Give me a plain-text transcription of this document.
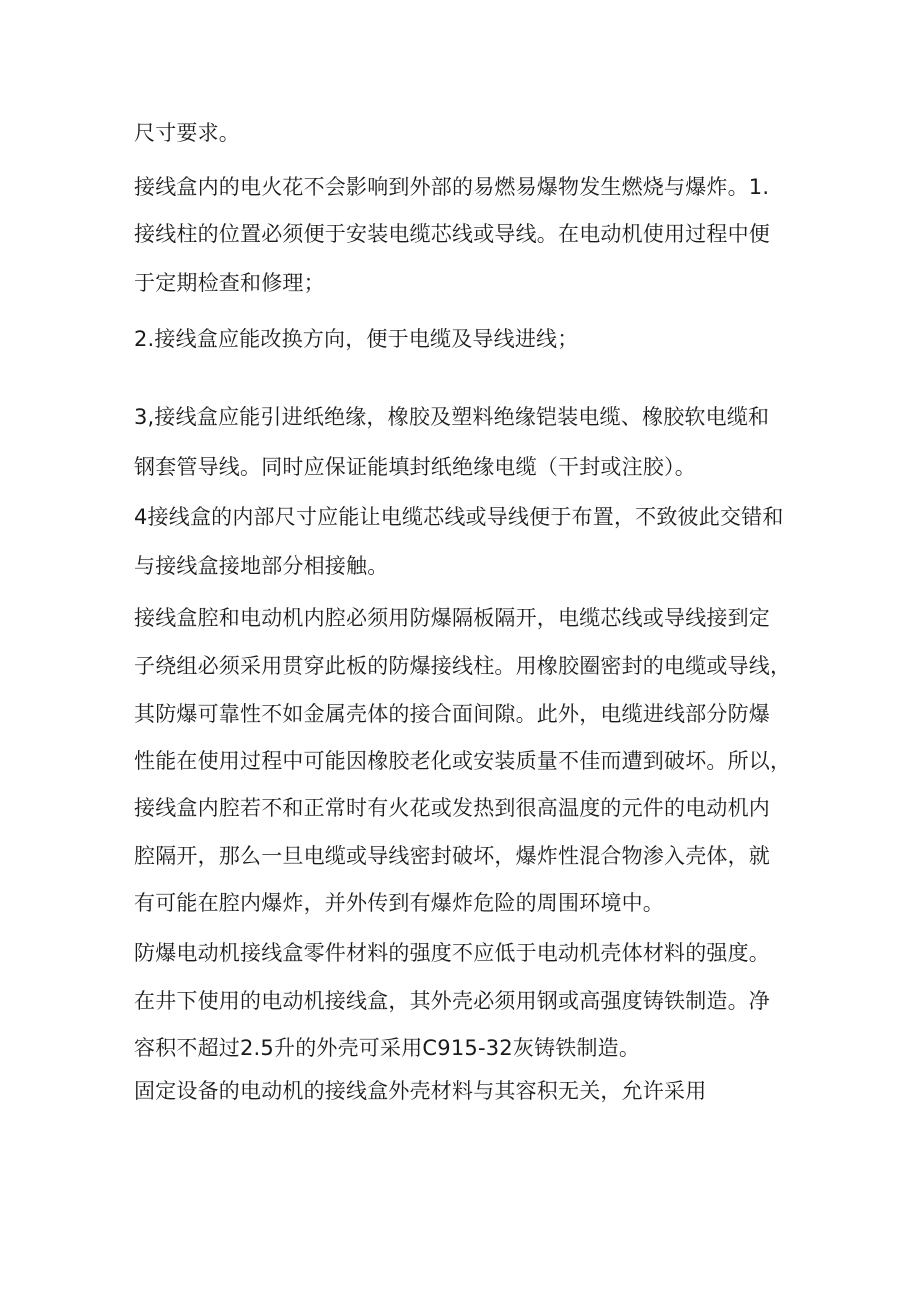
尺寸要求。
接线盒内的电火花不会影响到外部的易燃易爆物发生燃烧与爆炸。1.
接线柱的位置必须便于安装电缆芯线或导线。在电动机使用过程中便
于定期检查和修理；
2.接线盒应能改换方向，便于电缆及导线进线；
3,接线盒应能引进纸绝缘，橡胶及塑料绝缘铠装电缆、橡胶软电缆和
钢套管导线。同时应保证能填封纸绝缘电缆（干封或注胶）。
4接线盒的内部尺寸应能让电缆芯线或导线便于布置，不致彼此交错和
与接线盒接地部分相接触。
接线盒腔和电动机内腔必须用防爆隔板隔开，电缆芯线或导线接到定
子绕组必须采用贯穿此板的防爆接线柱。用橡胶圈密封的电缆或导线，
其防爆可靠性不如金属壳体的接合面间隙。此外，电缆进线部分防爆
性能在使用过程中可能因橡胶老化或安装质量不佳而遭到破坏。所以，
接线盒内腔若不和正常时有火花或发热到很高温度的元件的电动机内
腔隔开，那么一旦电缆或导线密封破坏，爆炸性混合物渗入壳体，就
有可能在腔内爆炸，并外传到有爆炸危险的周围环境中。
防爆电动机接线盒零件材料的强度不应低于电动机壳体材料的强度。
在井下使用的电动机接线盒，其外壳必须用钢或高强度铸铁制造。净
容积不超过2.5升的外壳可采用C915-32灰铸铁制造。
固定设备的电动机的接线盒外壳材料与其容积无关，允许采用
